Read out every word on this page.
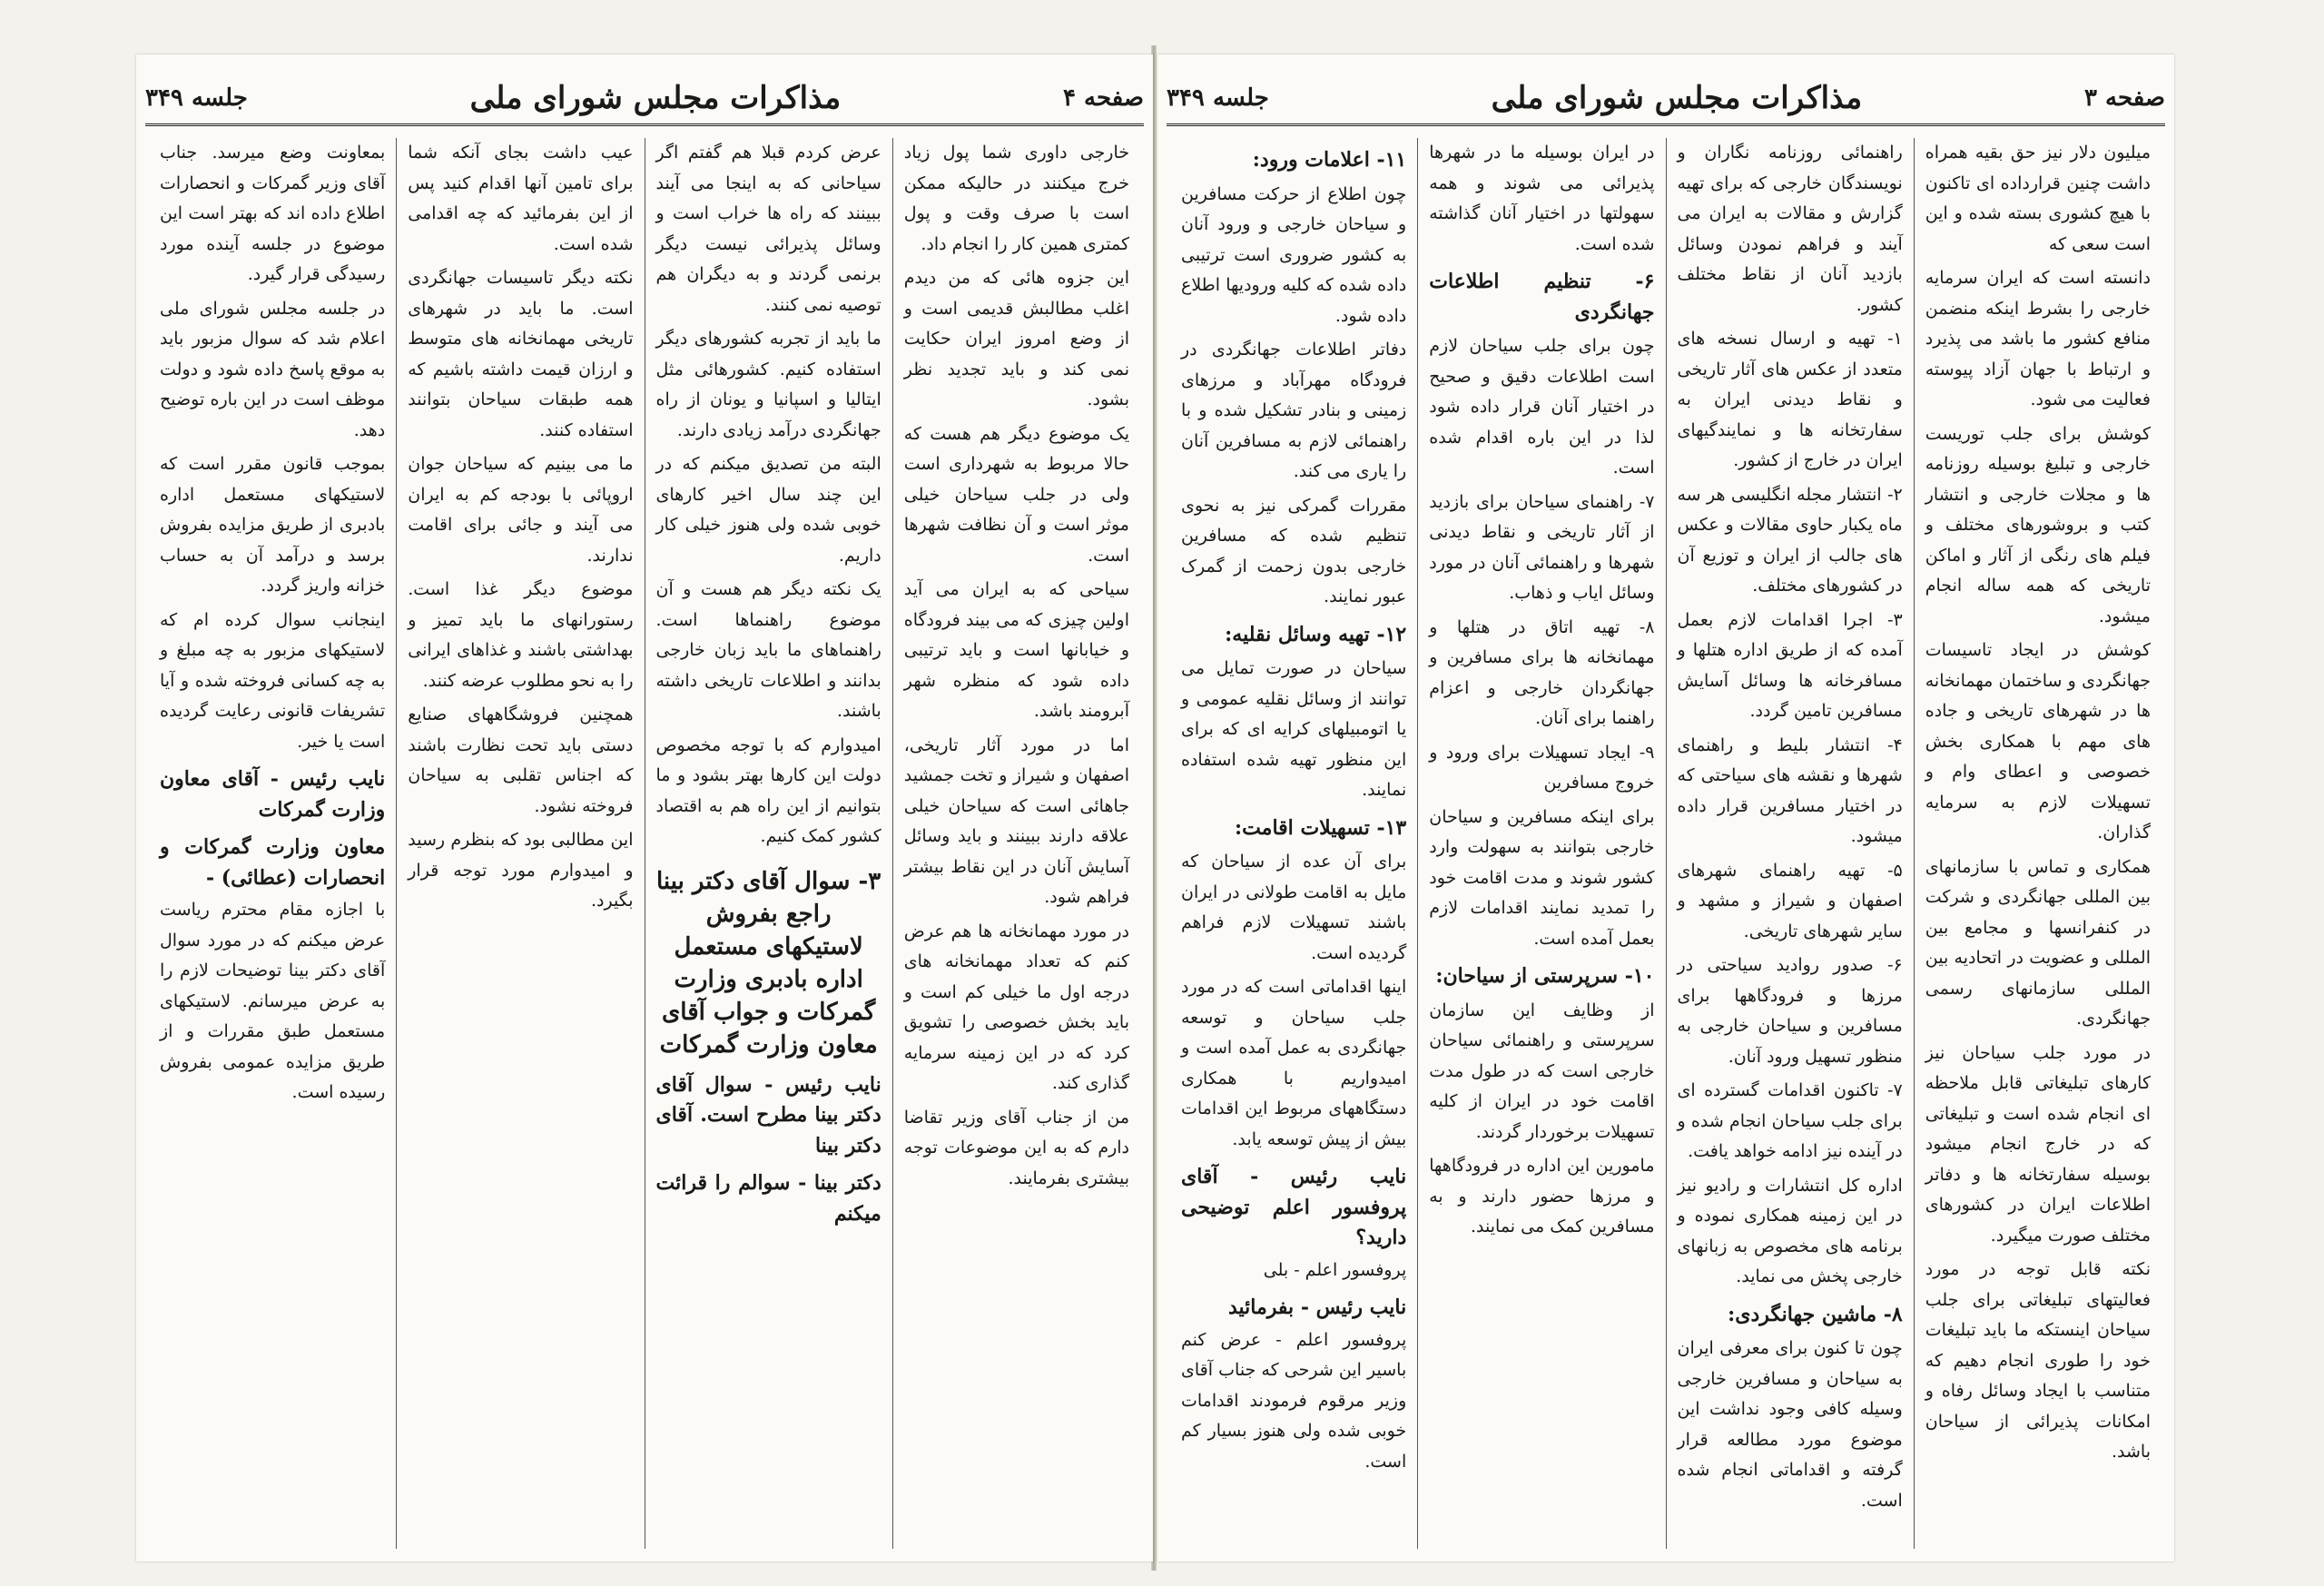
صفحه ۳
مذاکرات مجلس شورای ملی
جلسه ۳۴۹

میلیون دلار نیز حق بقیه همراه داشت چنین قرارداده ای تاکنون با هیچ کشوری بسته شده و این است سعی که

دانسته است که ایران سرمایه خارجی را بشرط اینکه منضمن منافع کشور ما باشد می پذیرد و ارتباط با جهان آزاد پیوسته فعالیت می شود.

کوشش برای جلب توریست خارجی و تبلیغ بوسیله روزنامه ها و مجلات خارجی و انتشار کتب و بروشورهای مختلف و فیلم های رنگی از آثار و اماکن تاریخی که همه ساله انجام میشود.

کوشش در ایجاد تاسیسات جهانگردی و ساختمان مهمانخانه ها در شهرهای تاریخی و جاده های مهم با همکاری بخش خصوصی و اعطای وام و تسهیلات لازم به سرمایه گذاران.

همکاری و تماس با سازمانهای بین المللی جهانگردی و شرکت در کنفرانسها و مجامع بین المللی و عضویت در اتحادیه بین المللی سازمانهای رسمی جهانگردی.

در مورد جلب سیاحان نیز کارهای تبلیغاتی قابل ملاحظه ای انجام شده است و تبلیغاتی که در خارج انجام میشود بوسیله سفارتخانه ها و دفاتر اطلاعات ایران در کشورهای مختلف صورت میگیرد.

نکته قابل توجه در مورد فعالیتهای تبلیغاتی برای جلب سیاحان اینستکه ما باید تبلیغات خود را طوری انجام دهیم که متناسب با ایجاد وسائل رفاه و امکانات پذیرائی از سیاحان باشد.

راهنمائی روزنامه نگاران و نویسندگان خارجی که برای تهیه گزارش و مقالات به ایران می آیند و فراهم نمودن وسائل بازدید آنان از نقاط مختلف کشور.

۱- تهیه و ارسال نسخه های متعدد از عکس های آثار تاریخی و نقاط دیدنی ایران به سفارتخانه ها و نمایندگیهای ایران در خارج از کشور.

۲- انتشار مجله انگلیسی هر سه ماه یکبار حاوی مقالات و عکس های جالب از ایران و توزیع آن در کشورهای مختلف.

۳- اجرا اقدامات لازم بعمل آمده که از طریق اداره هتلها و مسافرخانه ها وسائل آسایش مسافرین تامین گردد.

۴- انتشار بلیط و راهنمای شهرها و نقشه های سیاحتی که در اختیار مسافرین قرار داده میشود.

۵- تهیه راهنمای شهرهای اصفهان و شیراز و مشهد و سایر شهرهای تاریخی.

۶- صدور روادید سیاحتی در مرزها و فرودگاهها برای مسافرین و سیاحان خارجی به منظور تسهیل ورود آنان.

۷- تاکنون اقدامات گسترده ای برای جلب سیاحان انجام شده و در آینده نیز ادامه خواهد یافت.

اداره کل انتشارات و رادیو نیز در این زمینه همکاری نموده و برنامه های مخصوص به زبانهای خارجی پخش می نماید.

۸- ماشین جهانگردی:

چون تا کنون برای معرفی ایران به سیاحان و مسافرین خارجی وسیله کافی وجود نداشت این موضوع مورد مطالعه قرار گرفته و اقداماتی انجام شده است.

در ایران بوسیله ما در شهرها پذیرائی می شوند و همه سهولتها در اختیار آنان گذاشته شده است.

۶- تنظیم اطلاعات جهانگردی

چون برای جلب سیاحان لازم است اطلاعات دقیق و صحیح در اختیار آنان قرار داده شود لذا در این باره اقدام شده است.

۷- راهنمای سیاحان برای بازدید از آثار تاریخی و نقاط دیدنی شهرها و راهنمائی آنان در مورد وسائل ایاب و ذهاب.

۸- تهیه اتاق در هتلها و مهمانخانه ها برای مسافرین و جهانگردان خارجی و اعزام راهنما برای آنان.

۹- ایجاد تسهیلات برای ورود و خروج مسافرین

برای اینکه مسافرین و سیاحان خارجی بتوانند به سهولت وارد کشور شوند و مدت اقامت خود را تمدید نمایند اقدامات لازم بعمل آمده است.

۱۰- سرپرستی از سیاحان:

از وظایف این سازمان سرپرستی و راهنمائی سیاحان خارجی است که در طول مدت اقامت خود در ایران از کلیه تسهیلات برخوردار گردند.

مامورین این اداره در فرودگاهها و مرزها حضور دارند و به مسافرین کمک می نمایند.

۱۱- اعلامات ورود:

چون اطلاع از حرکت مسافرین و سیاحان خارجی و ورود آنان به کشور ضروری است ترتیبی داده شده که کلیه ورودیها اطلاع داده شود.

دفاتر اطلاعات جهانگردی در فرودگاه مهرآباد و مرزهای زمینی و بنادر تشکیل شده و با راهنمائی لازم به مسافرین آنان را یاری می کند.

مقررات گمرکی نیز به نحوی تنظیم شده که مسافرین خارجی بدون زحمت از گمرک عبور نمایند.

۱۲- تهیه وسائل نقلیه:

سیاحان در صورت تمایل می توانند از وسائل نقلیه عمومی و یا اتومبیلهای کرایه ای که برای این منظور تهیه شده استفاده نمایند.

۱۳- تسهیلات اقامت:

برای آن عده از سیاحان که مایل به اقامت طولانی در ایران باشند تسهیلات لازم فراهم گردیده است.

اینها اقداماتی است که در مورد جلب سیاحان و توسعه جهانگردی به عمل آمده است و امیدواریم با همکاری دستگاههای مربوط این اقدامات بیش از پیش توسعه یابد.

نایب رئیس - آقای پروفسور اعلم توضیحی دارید؟

پروفسور اعلم - بلی

نایب رئیس - بفرمائید

پروفسور اعلم - عرض کنم باسیر این شرحی که جناب آقای وزیر مرقوم فرمودند اقدامات خوبی شده ولی هنوز بسیار کم است.

صفحه ۴
مذاکرات مجلس شورای ملی
جلسه ۳۴۹

خارجی داوری شما پول زیاد خرج میکنند در حالیکه ممکن است با صرف وقت و پول کمتری همین کار را انجام داد.

این جزوه هائی که من دیدم اغلب مطالبش قدیمی است و از وضع امروز ایران حکایت نمی کند و باید تجدید نظر بشود.

یک موضوع دیگر هم هست که حالا مربوط به شهرداری است ولی در جلب سیاحان خیلی موثر است و آن نظافت شهرها است.

سیاحی که به ایران می آید اولین چیزی که می بیند فرودگاه و خیابانها است و باید ترتیبی داده شود که منظره شهر آبرومند باشد.

اما در مورد آثار تاریخی، اصفهان و شیراز و تخت جمشید جاهائی است که سیاحان خیلی علاقه دارند ببینند و باید وسائل آسایش آنان در این نقاط بیشتر فراهم شود.

در مورد مهمانخانه ها هم عرض کنم که تعداد مهمانخانه های درجه اول ما خیلی کم است و باید بخش خصوصی را تشویق کرد که در این زمینه سرمایه گذاری کند.

من از جناب آقای وزیر تقاضا دارم که به این موضوعات توجه بیشتری بفرمایند.

عرض کردم قبلا هم گفتم اگر سیاحانی که به اینجا می آیند ببینند که راه ها خراب است و وسائل پذیرائی نیست دیگر برنمی گردند و به دیگران هم توصیه نمی کنند.

ما باید از تجربه کشورهای دیگر استفاده کنیم. کشورهائی مثل ایتالیا و اسپانیا و یونان از راه جهانگردی درآمد زیادی دارند.

البته من تصدیق میکنم که در این چند سال اخیر کارهای خوبی شده ولی هنوز خیلی کار داریم.

یک نکته دیگر هم هست و آن موضوع راهنماها است. راهنماهای ما باید زبان خارجی بدانند و اطلاعات تاریخی داشته باشند.

امیدوارم که با توجه مخصوص دولت این کارها بهتر بشود و ما بتوانیم از این راه هم به اقتصاد کشور کمک کنیم.

۳- سوال آقای دکتر بینا راجع بفروش لاستیکهای مستعمل اداره بادبری وزارت گمرکات و جواب آقای معاون وزارت گمرکات

نایب رئیس - سوال آقای دکتر بینا مطرح است. آقای دکتر بینا

دکتر بینا - سوالم را قرائت میکنم

عیب داشت بجای آنکه شما برای تامین آنها اقدام کنید پس از این بفرمائید که چه اقدامی شده است.

نکته دیگر تاسیسات جهانگردی است. ما باید در شهرهای تاریخی مهمانخانه های متوسط و ارزان قیمت داشته باشیم که همه طبقات سیاحان بتوانند استفاده کنند.

ما می بینیم که سیاحان جوان اروپائی با بودجه کم به ایران می آیند و جائی برای اقامت ندارند.

موضوع دیگر غذا است. رستورانهای ما باید تمیز و بهداشتی باشند و غذاهای ایرانی را به نحو مطلوب عرضه کنند.

همچنین فروشگاههای صنایع دستی باید تحت نظارت باشند که اجناس تقلبی به سیاحان فروخته نشود.

این مطالبی بود که بنظرم رسید و امیدوارم مورد توجه قرار بگیرد.

بمعاونت وضع میرسد. جناب آقای وزیر گمرکات و انحصارات اطلاع داده اند که بهتر است این موضوع در جلسه آینده مورد رسیدگی قرار گیرد.

در جلسه مجلس شورای ملی اعلام شد که سوال مزبور باید به موقع پاسخ داده شود و دولت موظف است در این باره توضیح دهد.

بموجب قانون مقرر است که لاستیکهای مستعمل اداره بادبری از طریق مزایده بفروش برسد و درآمد آن به حساب خزانه واریز گردد.

اینجانب سوال کرده ام که لاستیکهای مزبور به چه مبلغ و به چه کسانی فروخته شده و آیا تشریفات قانونی رعایت گردیده است یا خیر.

نایب رئیس - آقای معاون وزارت گمرکات

معاون وزارت گمرکات و انحصارات (عطائی) -

با اجازه مقام محترم ریاست عرض میکنم که در مورد سوال آقای دکتر بینا توضیحات لازم را به عرض میرسانم. لاستیکهای مستعمل طبق مقررات و از طریق مزایده عمومی بفروش رسیده است.
